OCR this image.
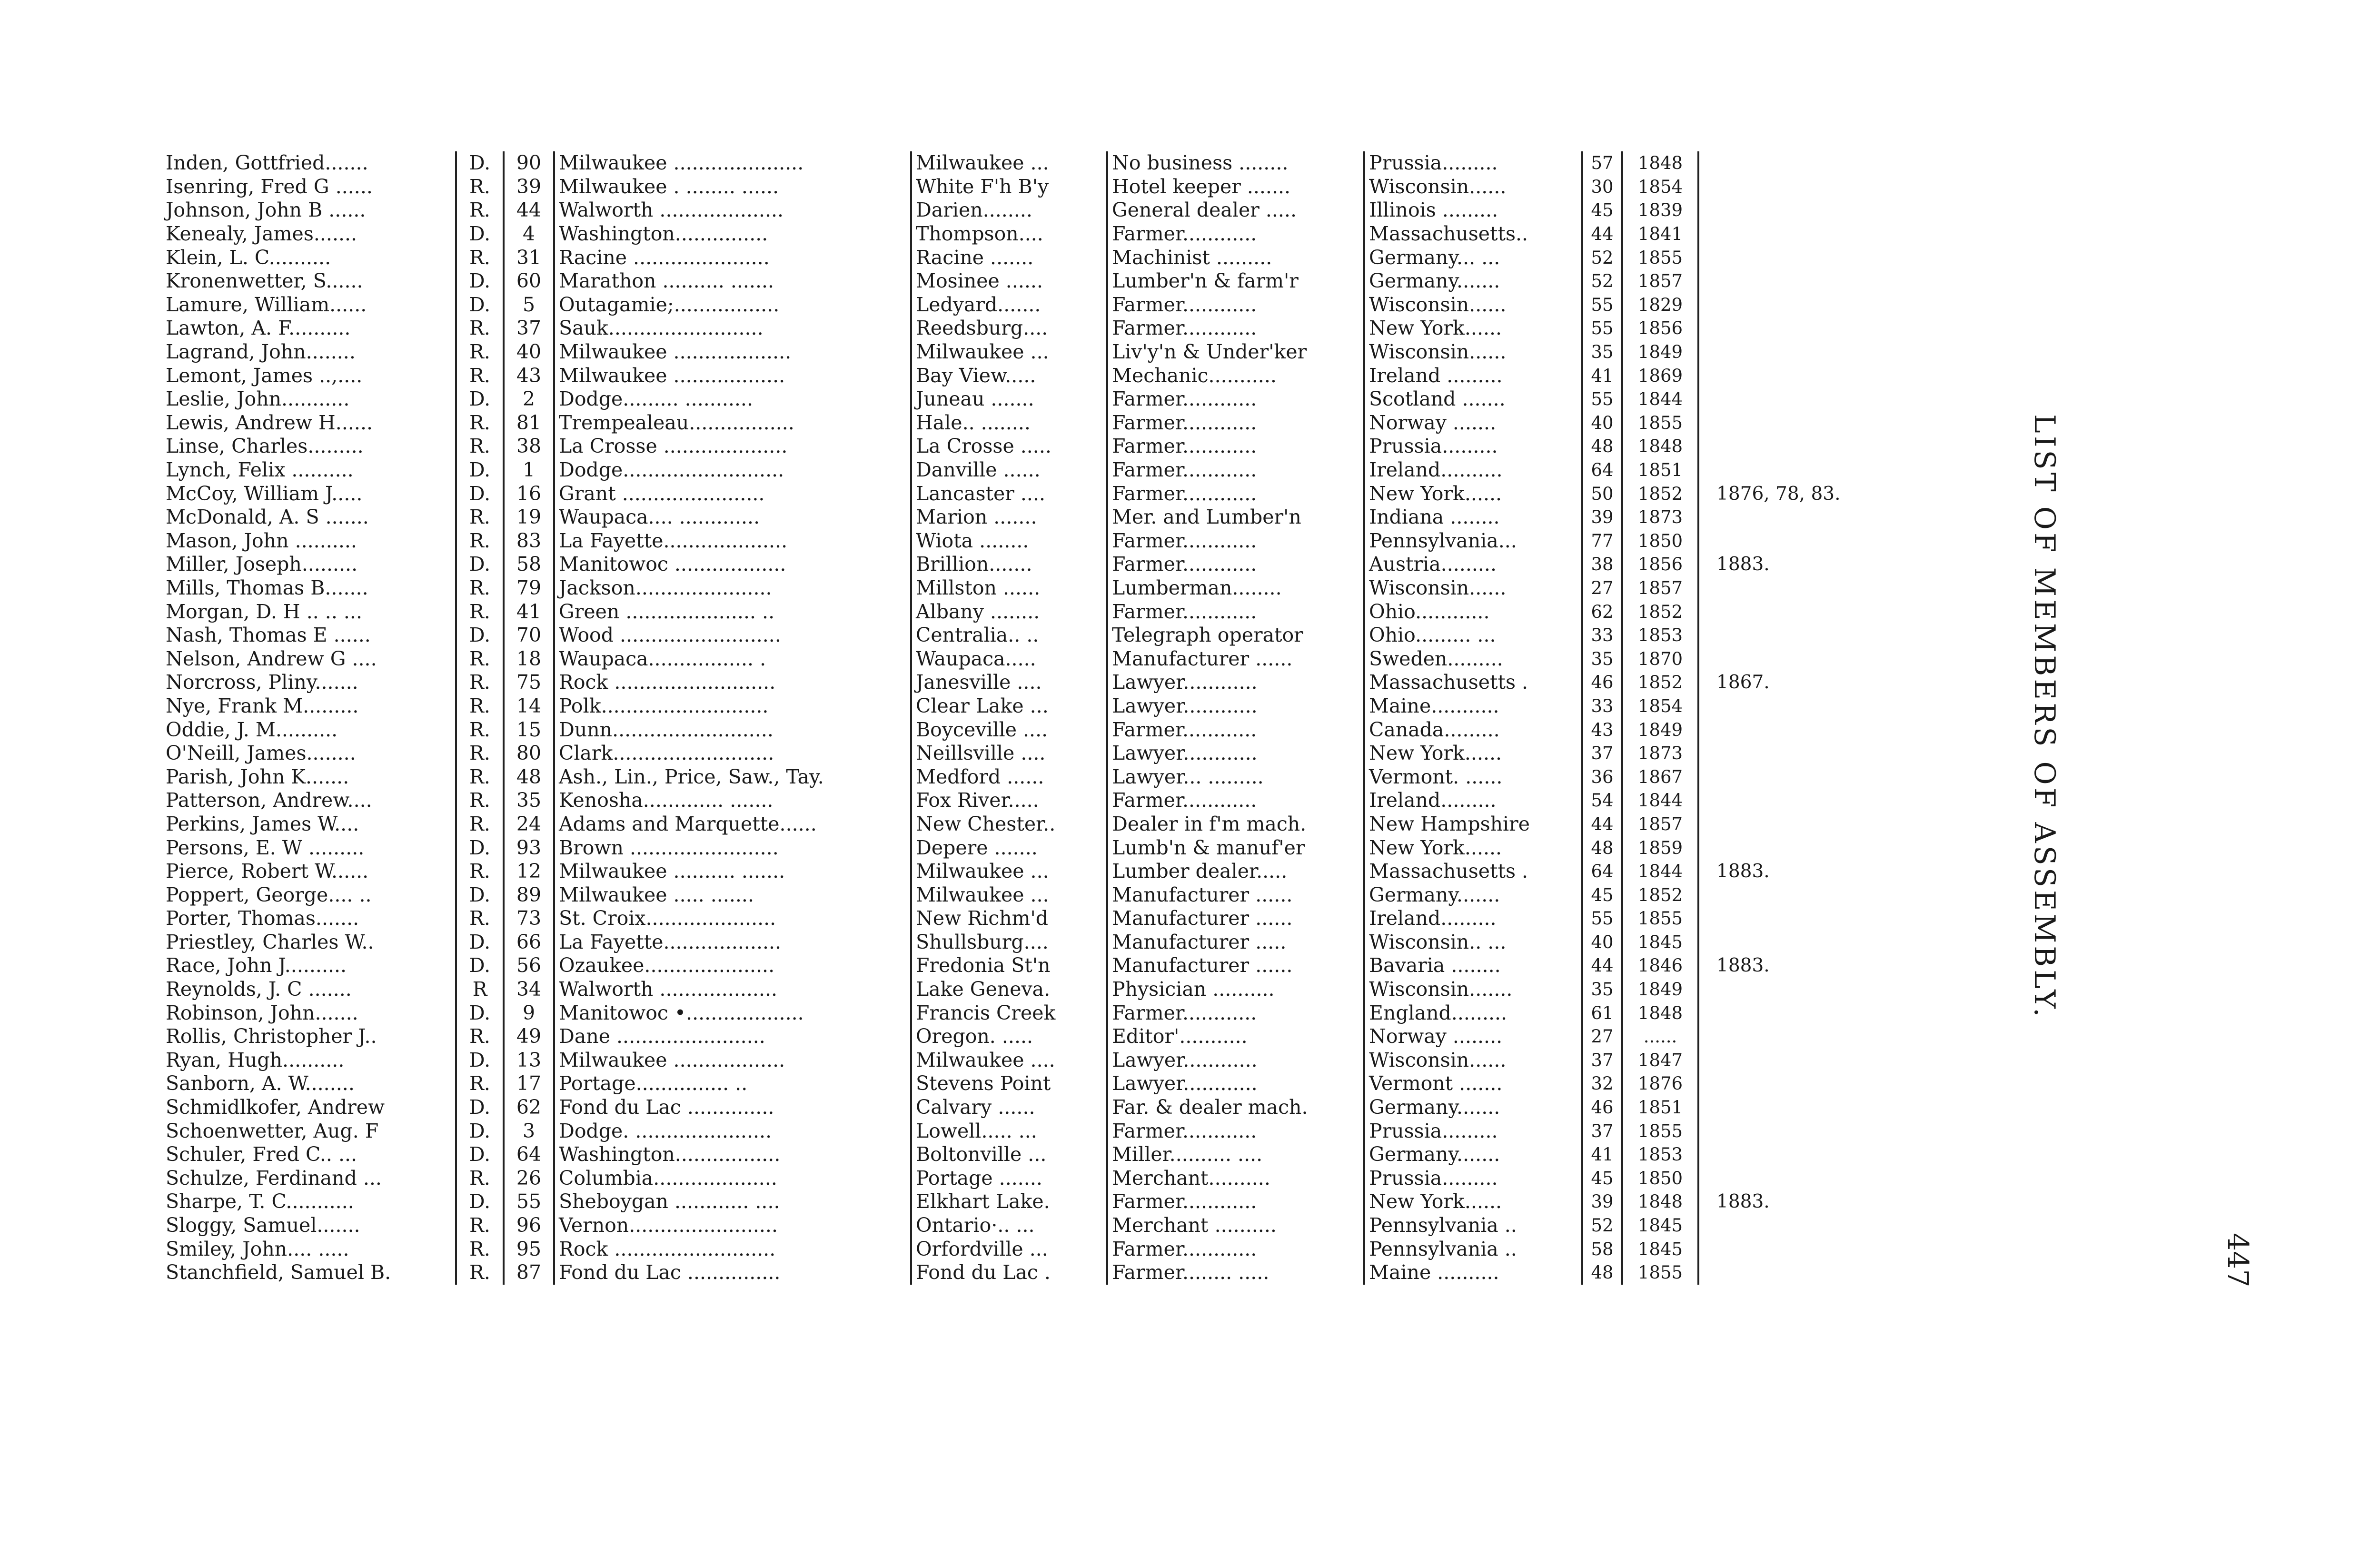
Inden, Gottfried.......	D.	90	Milwaukee .....................	Milwaukee ...	No business ........	Prussia.........	57	1848	
Isenring, Fred G ......	R.	39	Milwaukee . ........ ......	White F'h B'y	Hotel keeper .......	Wisconsin......	30	1854	
Johnson, John B ......	R.	44	Walworth ....................	Darien........	General dealer .....	Illinois .........	45	1839	
Kenealy, James.......	D.	4	Washington...............	Thompson....	Farmer............	Massachusetts..	44	1841	
Klein, L. C..........	R.	31	Racine ......................	Racine .......	Machinist .........	Germany... ...	52	1855	
Kronenwetter, S......	D.	60	Marathon .......... .......	Mosinee ......	Lumber'n & farm'r	Germany.......	52	1857	
Lamure, William......	D.	5	Outagamie;.................	Ledyard.......	Farmer............	Wisconsin......	55	1829	
Lawton, A. F..........	R.	37	Sauk.........................	Reedsburg....	Farmer............	New York......	55	1856	
Lagrand, John........	R.	40	Milwaukee ...................	Milwaukee ...	Liv'y'n & Under'ker	Wisconsin......	35	1849	
Lemont, James ..,....	R.	43	Milwaukee ..................	Bay View.....	Mechanic...........	Ireland .........	41	1869	
Leslie, John...........	D.	2	Dodge......... ...........	Juneau .......	Farmer............	Scotland .......	55	1844	
Lewis, Andrew H......	R.	81	Trempealeau.................	Hale.. ........	Farmer............	Norway .......	40	1855	
Linse, Charles.........	R.	38	La Crosse ....................	La Crosse .....	Farmer............	Prussia.........	48	1848	
Lynch, Felix ..........	D.	1	Dodge..........................	Danville ......	Farmer............	Ireland..........	64	1851	
McCoy, William J.....	D.	16	Grant .......................	Lancaster ....	Farmer............	New York......	50	1852	1876, 78, 83.
McDonald, A. S .......	R.	19	Waupaca.... .............	Marion .......	Mer. and Lumber'n	Indiana ........	39	1873	
Mason, John ..........	R.	83	La Fayette....................	Wiota ........	Farmer............	Pennsylvania...	77	1850	
Miller, Joseph.........	D.	58	Manitowoc ..................	Brillion.......	Farmer............	Austria.........	38	1856	1883.
Mills, Thomas B.......	R.	79	Jackson......................	Millston ......	Lumberman........	Wisconsin......	27	1857	
Morgan, D. H .. .. ...	R.	41	Green ..................... ..	Albany ........	Farmer............	Ohio............	62	1852	
Nash, Thomas E ......	D.	70	Wood ..........................	Centralia.. ..	Telegraph operator	Ohio......... ...	33	1853	
Nelson, Andrew G ....	R.	18	Waupaca................. .	Waupaca.....	Manufacturer ......	Sweden.........	35	1870	
Norcross, Pliny.......	R.	75	Rock ..........................	Janesville ....	Lawyer............	Massachusetts .	46	1852	1867.
Nye, Frank M.........	R.	14	Polk...........................	Clear Lake ...	Lawyer............	Maine...........	33	1854	
Oddie, J. M..........	R.	15	Dunn..........................	Boyceville ....	Farmer............	Canada.........	43	1849	
O'Neill, James........	R.	80	Clark..........................	Neillsville ....	Lawyer............	New York......	37	1873	
Parish, John K.......	R.	48	Ash., Lin., Price, Saw., Tay.	Medford ......	Lawyer... .........	Vermont. ......	36	1867	
Patterson, Andrew....	R.	35	Kenosha............. .......	Fox River.....	Farmer............	Ireland.........	54	1844	
Perkins, James W....	R.	24	Adams and Marquette......	New Chester..	Dealer in f'm mach.	New Hampshire	44	1857	
Persons, E. W .........	D.	93	Brown ........................	Depere .......	Lumb'n & manuf'er	New York......	48	1859	
Pierce, Robert W......	R.	12	Milwaukee .......... .......	Milwaukee ...	Lumber dealer.....	Massachusetts .	64	1844	1883.
Poppert, George.... ..	D.	89	Milwaukee ..... .......	Milwaukee ...	Manufacturer ......	Germany.......	45	1852	
Porter, Thomas.......	R.	73	St. Croix.....................	New Richm'd	Manufacturer ......	Ireland.........	55	1855	
Priestley, Charles W..	D.	66	La Fayette...................	Shullsburg....	Manufacturer .....	Wisconsin.. ...	40	1845	
Race, John J..........	D.	56	Ozaukee.....................	Fredonia St'n	Manufacturer ......	Bavaria ........	44	1846	1883.
Reynolds, J. C .......	R	34	Walworth ...................	Lake Geneva.	Physician ..........	Wisconsin.......	35	1849	
Robinson, John.......	D.	9	Manitowoc •...................	Francis Creek	Farmer............	England.........	61	1848	
Rollis, Christopher J..	R.	49	Dane ........................	Oregon. .....	Editor'...........	Norway ........	27	......	
Ryan, Hugh..........	D.	13	Milwaukee ..................	Milwaukee ....	Lawyer............	Wisconsin......	37	1847	
Sanborn, A. W........	R.	17	Portage............... ..	Stevens Point	Lawyer............	Vermont .......	32	1876	
Schmidlkofer, Andrew	D.	62	Fond du Lac ..............	Calvary ......	Far. & dealer mach.	Germany.......	46	1851	
Schoenwetter, Aug. F	D.	3	Dodge. ......................	Lowell..... ...	Farmer............	Prussia.........	37	1855	
Schuler, Fred C.. ...	D.	64	Washington.................	Boltonville ...	Miller.......... ....	Germany.......	41	1853	
Schulze, Ferdinand ...	R.	26	Columbia....................	Portage .......	Merchant..........	Prussia.........	45	1850	
Sharpe, T. C...........	D.	55	Sheboygan ............ ....	Elkhart Lake.	Farmer............	New York......	39	1848	1883.
Sloggy, Samuel.......	R.	96	Vernon........................	Ontario·.. ...	Merchant ..........	Pennsylvania ..	52	1845	
Smiley, John.... .....	R.	95	Rock ..........................	Orfordville ...	Farmer............	Pennsylvania ..	58	1845	
Stanchfield, Samuel B.	R.	87	Fond du Lac ...............	Fond du Lac .	Farmer........ .....	Maine ..........	48	1855	
LIST OF MEMBERS OF ASSEMBLY.
447
